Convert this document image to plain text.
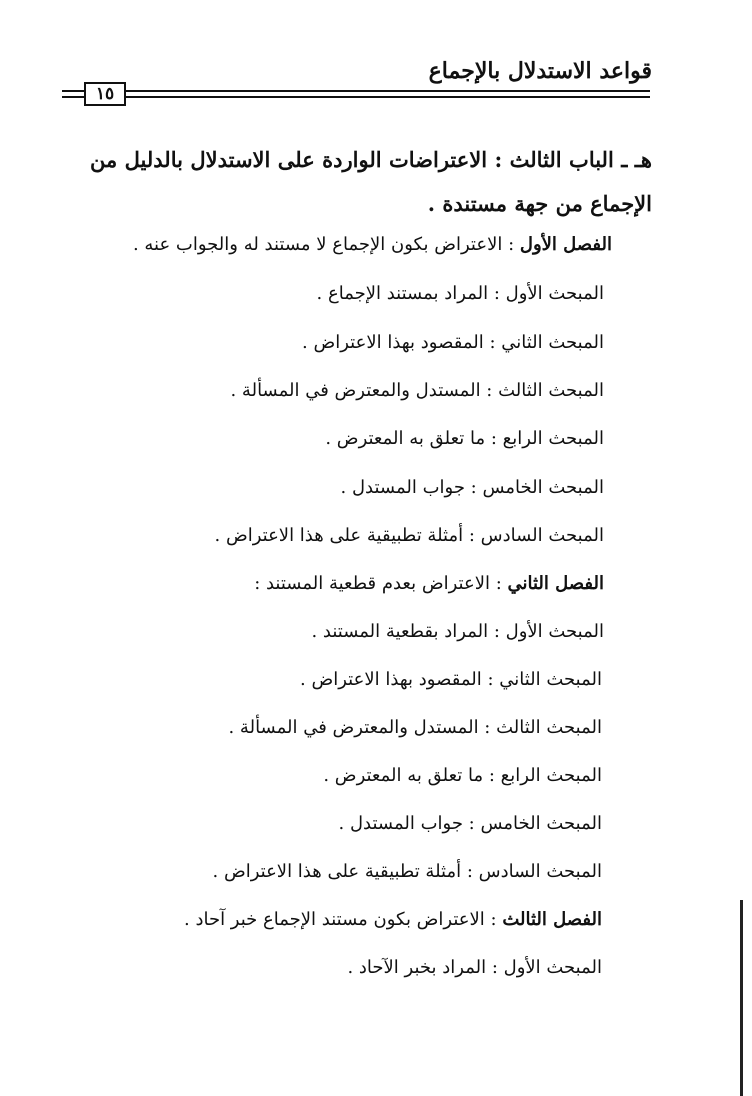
قواعد الاستدلال بالإجماع
١٥
هـ ـ الباب الثالث : الاعتراضات الواردة على الاستدلال بالدليل من الإجماع من جهة مستندة .
الفصل الأول : الاعتراض بكون الإجماع لا مستند له والجواب عنه .
المبحث الأول : المراد بمستند الإجماع .
المبحث الثاني : المقصود بهذا الاعتراض .
المبحث الثالث : المستدل والمعترض في المسألة .
المبحث الرابع : ما تعلق به المعترض .
المبحث الخامس : جواب المستدل .
المبحث السادس : أمثلة تطبيقية على هذا الاعتراض .
الفصل الثاني : الاعتراض بعدم قطعية المستند :
المبحث الأول : المراد بقطعية المستند .
المبحث الثاني : المقصود بهذا الاعتراض .
المبحث الثالث : المستدل والمعترض في المسألة .
المبحث الرابع : ما تعلق به المعترض .
المبحث الخامس : جواب المستدل .
المبحث السادس : أمثلة تطبيقية على هذا الاعتراض .
الفصل الثالث : الاعتراض بكون مستند الإجماع خبر آحاد .
المبحث الأول : المراد بخبر الآحاد .
